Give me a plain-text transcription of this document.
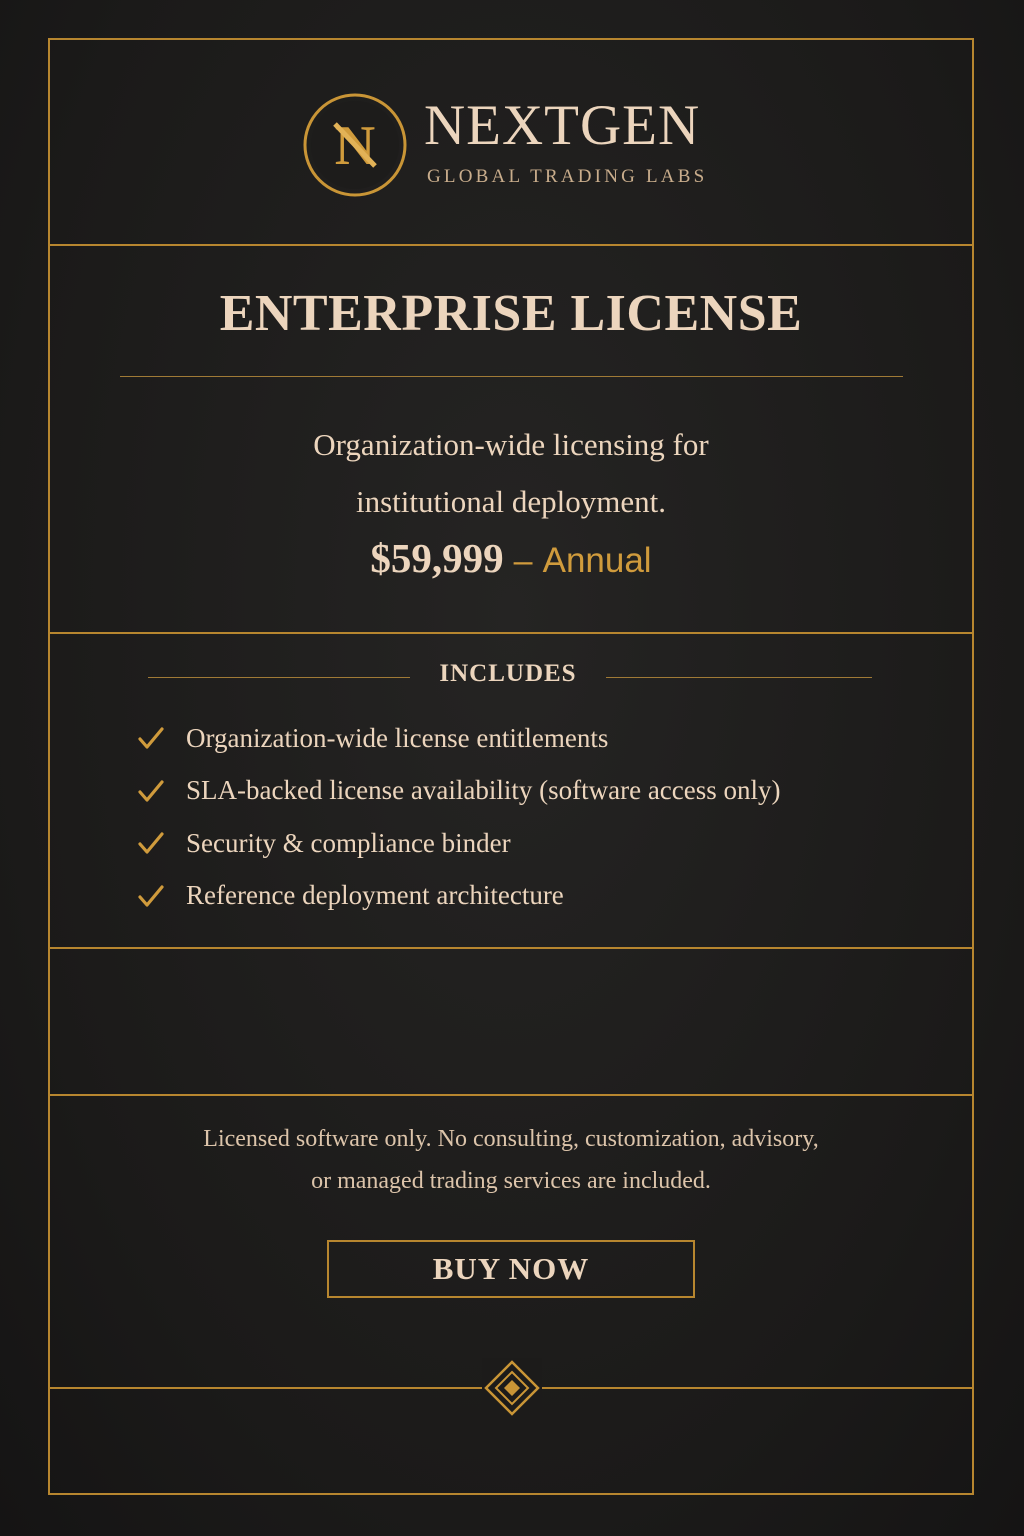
N NEXTGEN
GLOBAL TRADING LABS
ENTERPRISE LICENSE
Organization-wide licensing for
institutional deployment.
$59,999 – Annual
INCLUDES
Organization-wide license entitlements
SLA-backed license availability (software access only)
Security & compliance binder
Reference deployment architecture
Licensed software only. No consulting, customization, advisory,
or managed trading services are included.
BUY NOW
